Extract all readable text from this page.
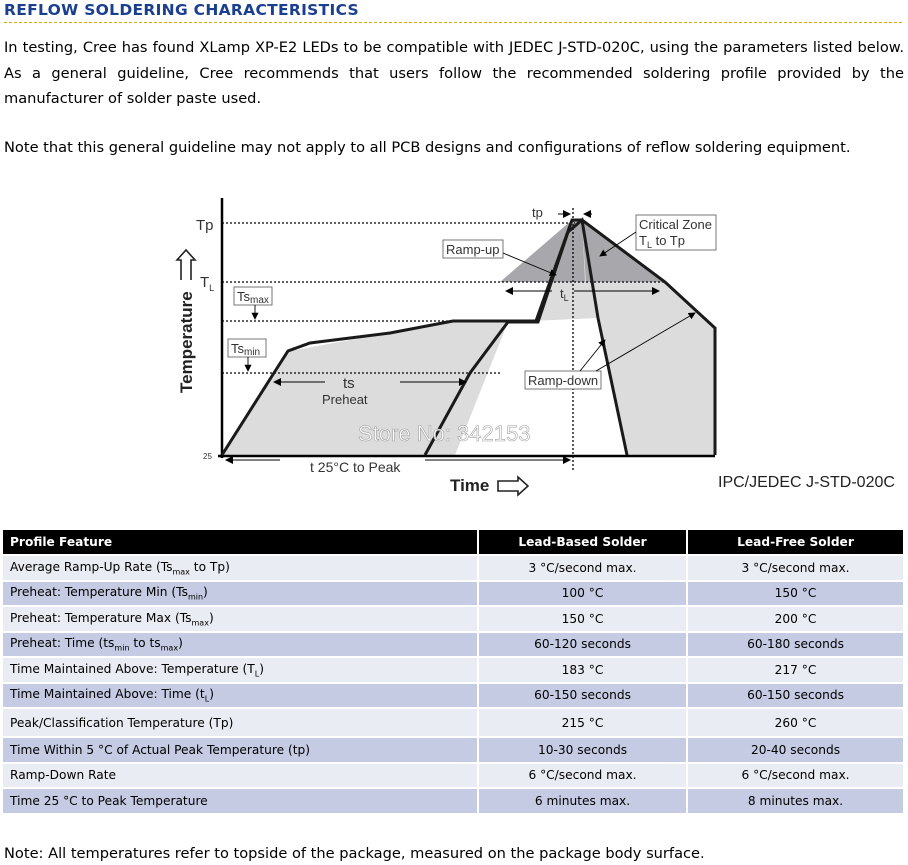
REFLOW SOLDERING CHARACTERISTICS
In testing, Cree has found XLamp XP-E2 LEDs to be compatible with JEDEC J-STD-020C, using the parameters listed below. As a general guideline, Cree recommends that users follow the recommended soldering profile provided by the manufacturer of solder paste used.
Note that this general guideline may not apply to all PCB designs and configurations of reflow soldering equipment.
Tp
$T_L$
Tsmax
Tsmin
25
Temperature	ts
Preheat
$t_L$
tp
Ramp-up
Critical Zone
$T_L$ to Tp
Ramp-down
t 25°C to Peak
Time
Store No: 342153
IPC/JEDEC J-STD-020C
Profile Feature	Lead-Based Solder	Lead-Free Solder
Average Ramp-Up Rate ($Ts_{max}$ to Tp)	3 °C/second max.	3 °C/second max.
Preheat: Temperature Min $(Ts_{min})$	100 °C	150 °C
Preheat: Temperature Max $(Ts_{max})$	150 °C	200 °C
Preheat: Time ($ts_{min}$ to $ts_{max}$)	60-120 seconds	60-180 seconds
Time Maintained Above: Temperature $(T_L)$	183 °C	217 °C
Time Maintained Above: Time $(t_L)$	60-150 seconds	60-150 seconds
Peak/Classification Temperature (Tp)	215 °C	260 °C
Time Within 5 °C of Actual Peak Temperature (tp)	10-30 seconds	20-40 seconds
Ramp-Down Rate	6 °C/second max.	6 °C/second max.
Time 25 °C to Peak Temperature	6 minutes max.	8 minutes max.
Note: All temperatures refer to topside of the package, measured on the package body surface.
